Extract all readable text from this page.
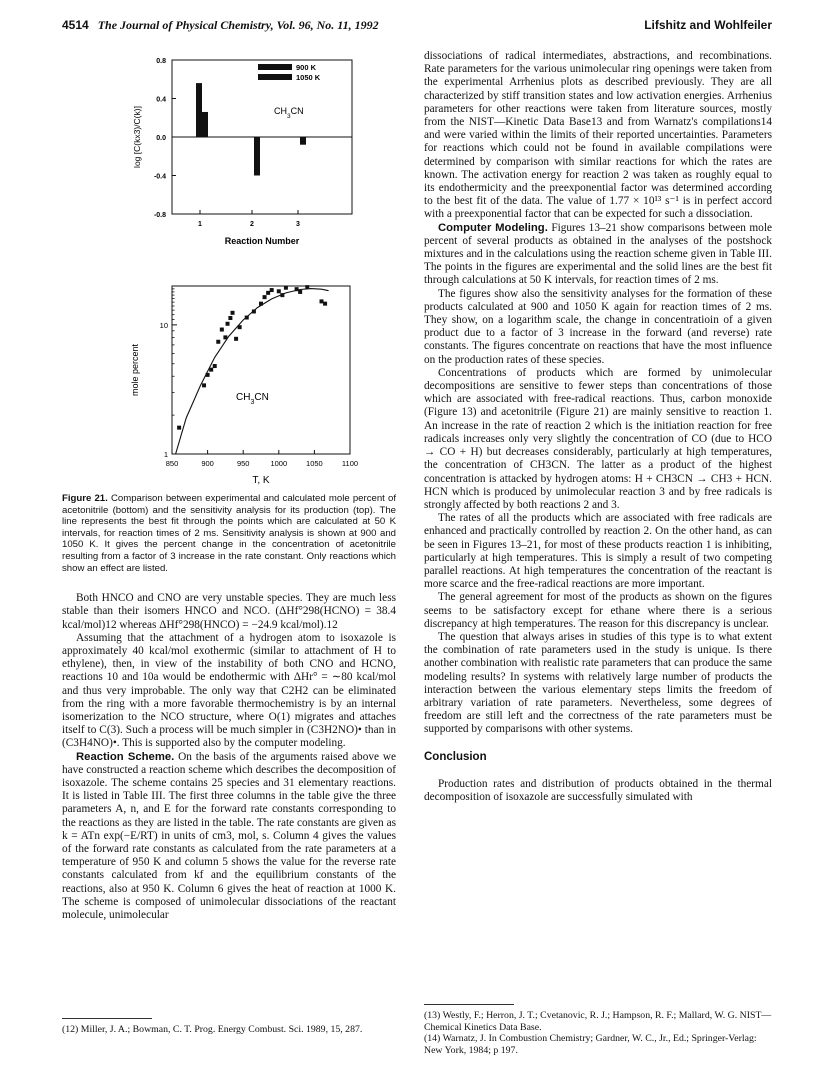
4514 The Journal of Physical Chemistry, Vol. 96, No. 11, 1992	Lifshitz and Wohlfeiler
0.8
0.4
0.0
-0.4
-0.8
1	2	3
900 K
1050 K
$CH_3CN$
Reaction Number
log [C(kx3)/C(k)]
850	900	950	1000	1050	1100
1
10
$CH_3CN$
T, K
mole percent

Figure 21. Comparison between experimental and calculated mole percent of acetonitrile (bottom) and the sensitivity analysis for its production (top). The line represents the best fit through the points which are calculated at 50 K intervals, for reaction times of 2 ms. Sensitivity analysis is shown at 900 and 1050 K. It gives the percent change in the concentration of acetonitrile resulting from a factor of 3 increase in the rate constant. Only reactions which show an effect are listed.

Both HNCO and CNO are very unstable species. They are much less stable than their isomers HNCO and NCO. (ΔHf°298(HCNO) = 38.4 kcal/mol)12 whereas ΔHf°298(HNCO) = −24.9 kcal/mol).12

Assuming that the attachment of a hydrogen atom to isoxazole is approximately 40 kcal/mol exothermic (similar to attachment of H to ethylene), then, in view of the instability of both CNO and HCNO, reactions 10 and 10a would be endothermic with ΔHr° = ∼80 kcal/mol and thus very improbable. The only way that C2H2 can be eliminated from the ring with a more favorable thermochemistry is by an internal isomerization to the NCO structure, where O(1) migrates and attaches itself to C(3). Such a process will be much simpler in (C3H2NO)• than in (C3H4NO)•. This is supported also by the computer modeling.

Reaction Scheme. On the basis of the arguments raised above we have constructed a reaction scheme which describes the decomposition of isoxazole. The scheme contains 25 species and 31 elementary reactions. It is listed in Table III. The first three columns in the table give the three parameters A, n, and E for the forward rate constants corresponding to the reactions as they are listed in the table. The rate constants are given as k = ATn exp(−E/RT) in units of cm3, mol, s. Column 4 gives the values of the forward rate constants as calculated from the rate parameters at a temperature of 950 K and column 5 shows the value for the reverse rate constants calculated from kf and the equilibrium constants of the reactions, also at 950 K. Column 6 gives the heat of reaction at 1000 K. The scheme is composed of unimolecular dissociations of the reactant molecule, unimolecular

(12) Miller, J. A.; Bowman, C. T. Prog. Energy Combust. Sci. 1989, 15, 287.

dissociations of radical intermediates, abstractions, and recombinations. Rate parameters for the various unimolecular ring openings were taken from the experimental Arrhenius plots as described previously. They are all characterized by stiff transition states and low activation energies. Arrhenius parameters for other reactions were taken from literature sources, mostly from the NIST—Kinetic Data Base13 and from Warnatz's compilations14 and were varied within the limits of their reported uncertainties. Parameters for reactions which could not be found in available compilations were determined by comparison with similar reactions for which the rates are known. The activation energy for reaction 2 was taken as roughly equal to its endothermicity and the preexponential factor was determined according to the best fit of the data. The value of 1.77 × 10¹³ s⁻¹ is in perfect accord with a preexponential factor that can be expected for such a dissociation.

Computer Modeling. Figures 13–21 show comparisons between mole percent of several products as obtained in the analyses of the postshock mixtures and in the calculations using the reaction scheme given in Table III. The points in the figures are experimental and the solid lines are the best fit through calculations at 50 K intervals, for reaction times of 2 ms.

The figures show also the sensitivity analyses for the formation of these products calculated at 900 and 1050 K again for reaction times of 2 ms. They show, on a logarithm scale, the change in concentratioin of a given product due to a factor of 3 increase in the forward (and reverse) rate constants. The figures concentrate on reactions that have the most influence on the production rates of these species.

Concentrations of products which are formed by unimolecular decompositions are sensitive to fewer steps than concentrations of those which are associated with free-radical reactions. Thus, carbon monoxide (Figure 13) and acetonitrile (Figure 21) are mainly sensitive to reaction 1. An increase in the rate of reaction 2 which is the initiation reaction for free radicals increases only very slightly the concentration of CO (due to HCO → CO + H) but decreases considerably, particularly at high temperatures, the concentration of CH3CN. The latter as a product of the highest concentration is attacked by hydrogen atoms: H + CH3CN → CH3 + HCN. HCN which is produced by unimolecular reaction 3 and by free radicals is strongly affected by both reactions 2 and 3.

The rates of all the products which are associated with free radicals are enhanced and practically controlled by reaction 2. On the other hand, as can be seen in Figures 13–21, for most of these products reaction 1 is inhibiting, particularly at high temperatures. This is simply a result of two competing parallel reactions. At high temperatures the concentration of the reactant is more scarce and the free-radical reactions are more important.

The general agreement for most of the products as shown on the figures seems to be satisfactory except for ethane where there is a serious discrepancy at high temperatures. The reason for this discrepancy is unclear.

The question that always arises in studies of this type is to what extent the combination of rate parameters used in the study is unique. Is there another combination with realistic rate parameters that can produce the same modeling results? In systems with relatively large number of products the interaction between the various elementary steps limits the freedom of arbitrary variation of rate parameters. Nevertheless, some degrees of freedom are still left and the correctness of the rate parameters must be supported by comparisons with other systems.

Conclusion

Production rates and distribution of products obtained in the thermal decomposition of isoxazole are successfully simulated with

(13) Westly, F.; Herron, J. T.; Cvetanovic, R. J.; Hampson, R. F.; Mallard, W. G. NIST—Chemical Kinetics Data Base.
(14) Warnatz, J. In Combustion Chemistry; Gardner, W. C., Jr., Ed.; Springer-Verlag: New York, 1984; p 197.
